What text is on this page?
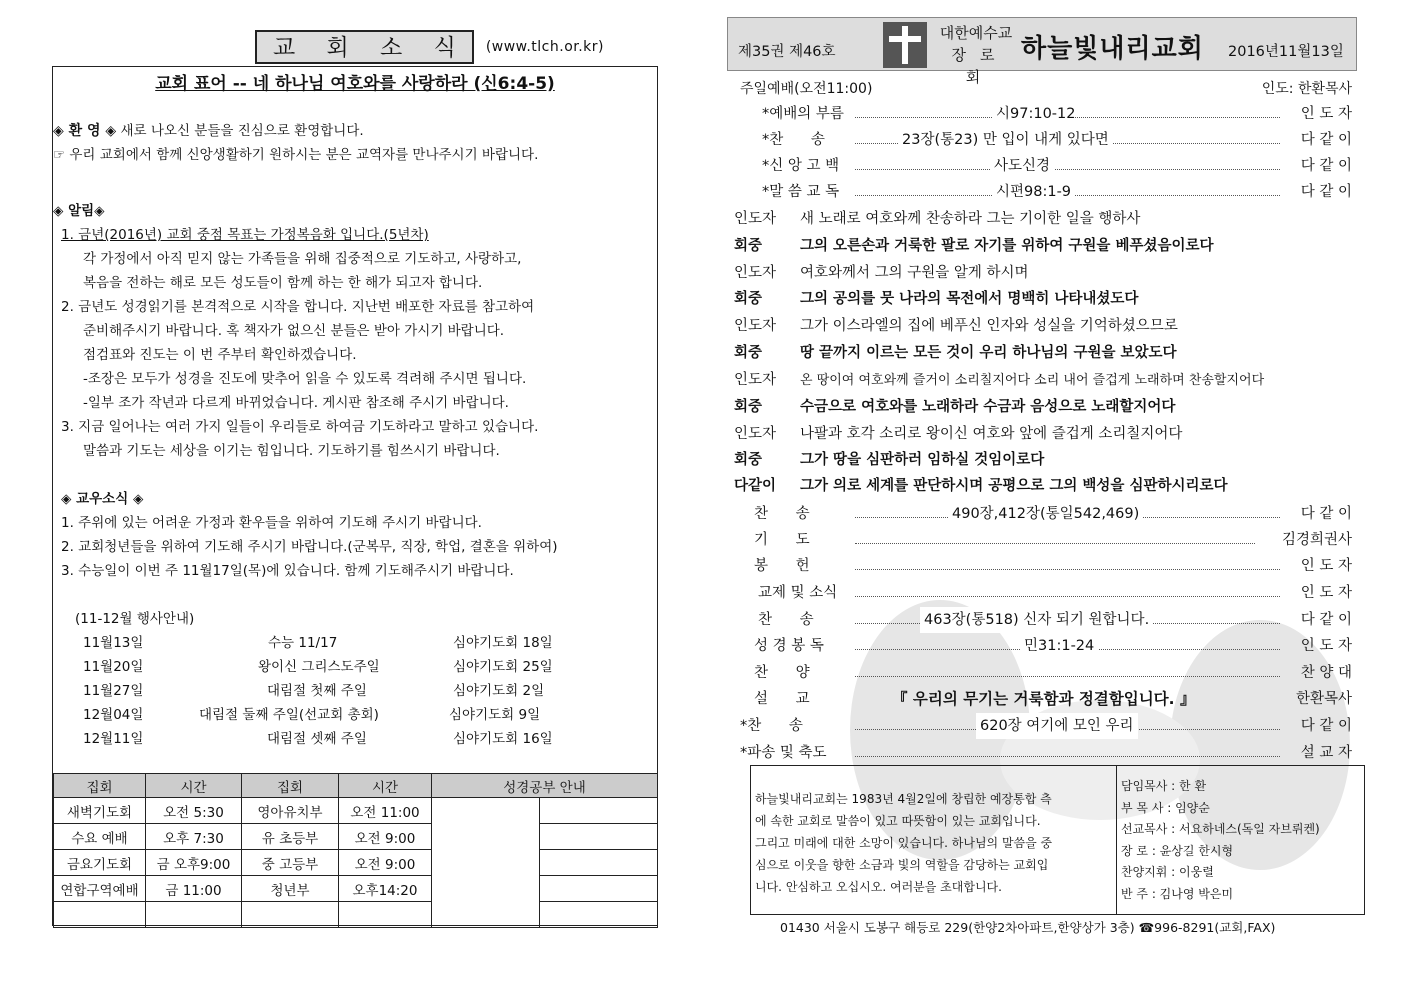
교 회 소 식	(www.tlch.or.kr)
교회 표어 -- 네 하나님 여호와를 사랑하라 (신6:4-5)
◈ 환 영 ◈ 새로 나오신 분들을 진심으로 환영합니다.
☞ 우리 교회에서 함께 신앙생활하기 원하시는 분은 교역자를 만나주시기 바랍니다.
◈ 알림◈
1. 금년(2016년) 교회 중점 목표는 가정복음화 입니다.(5년차)
각 가정에서 아직 믿지 않는 가족들을 위해 집중적으로 기도하고, 사랑하고,
복음을 전하는 해로 모든 성도들이 함께 하는 한 해가 되고자 합니다.
2. 금년도 성경읽기를 본격적으로 시작을 합니다. 지난번 배포한 자료를 참고하여
준비해주시기 바랍니다. 혹 책자가 없으신 분들은 받아 가시기 바랍니다.
점검표와 진도는 이 번 주부터 확인하겠습니다.
-조장은 모두가 성경을 진도에 맞추어 읽을 수 있도록 격려해 주시면 됩니다.
-일부 조가 작년과 다르게 바뀌었습니다. 게시판 참조해 주시기 바랍니다.
3. 지금 일어나는 여러 가지 일들이 우리들로 하여금 기도하라고 말하고 있습니다.
말씀과 기도는 세상을 이기는 힘입니다. 기도하기를 힘쓰시기 바랍니다.
◈ 교우소식 ◈
1. 주위에 있는 어려운 가정과 환우들을 위하여 기도해 주시기 바랍니다.
2. 교회청년들을 위하여 기도해 주시기 바랍니다.(군복무, 직장, 학업, 결혼을 위하여)
3. 수능일이 이번 주 11월17일(목)에 있습니다. 함께 기도해주시기 바랍니다.
(11-12월 행사안내)
11월13일	수능 11/17	심야기도회 18일
11월20일	왕이신 그리스도주일	심야기도회 25일
11월27일	대림절 첫째 주일	심야기도회 2일
12월04일	대림절 둘째 주일(선교회 총회)	심야기도회 9일
12월11일	대림절 셋째 주일	심야기도회 16일
집회	시간	집회	시간	성경공부 안내	
새벽기도회	오전 5:30	영아유치부	오전 11:00		
수요 예배	오후 7:30	유 초등부	오전 9:00		
금요기도회	금 오후9:00	중 고등부	오전 9:00		
연합구역예배	금 11:00	청년부	오후14:20		

제35권 제46호
대한예수교
장로회
하늘빛내리교회 2016년11월13일
주일예배(오전11:00)	인도: 한환목사
*예배의 부름	시97:10-12	인 도 자
*찬      송	23장(통23) 만 입이 내게 있다면	다 같 이
*신 앙 고 백	사도신경	다 같 이
*말 씀 교 독	시편98:1-9	다 같 이
인도자 새 노래로 여호와께 찬송하라 그는 기이한 일을 행하사
회중	그의 오른손과 거룩한 팔로 자기를 위하여 구원을 베푸셨음이로다
인도자 여호와께서 그의 구원을 알게 하시며
회중	그의 공의를 뭇 나라의 목전에서 명백히 나타내셨도다
인도자 그가 이스라엘의 집에 베푸신 인자와 성실을 기억하셨으므로
회중	땅 끝까지 이르는 모든 것이 우리 하나님의 구원을 보았도다
인도자 온 땅이여 여호와께 즐거이 소리칠지어다 소리 내어 즐겁게 노래하며 찬송할지어다
회중	수금으로 여호와를 노래하라 수금과 음성으로 노래할지어다
인도자 나팔과 호각 소리로 왕이신 여호와 앞에 즐겁게 소리칠지어다
회중	그가 땅을 심판하러 임하실 것임이로다
다같이 그가 의로 세계를 판단하시며 공평으로 그의 백성을 심판하시리로다
찬      송	490장,412장(통일542,469)	다 같 이
기      도	김경희권사
봉      헌	인 도 자
교제 및 소식	인 도 자
찬      송	463장(통518) 신자 되기 원합니다.	다 같 이
성 경 봉 독	민31:1-24	인 도 자
찬      양	찬 양 대
설      교	『 우리의 무기는 거룩함과 정결함입니다. 』	한환목사
*찬      송	620장 여기에 모인 우리	다 같 이
*파송 및 축도	설 교 자
하늘빛내리교회는 1983년 4월2일에 창립한 예장통합 측
에 속한 교회로 말씀이 있고 따뜻함이 있는 교회입니다.
그리고 미래에 대한 소망이 있습니다. 하나님의 말씀을 중
심으로 이웃을 향한 소금과 빛의 역할을 감당하는 교회입
니다. 안심하고 오십시오. 여러분을 초대합니다.
담임목사 : 한 환
부 목 사 : 임양순
선교목사 : 서요하네스(독일 자브뤼켄)
장 로 : 윤상길 한시형
찬양지휘 : 이웅렬
반 주 : 김나영 박은미
01430 서울시 도봉구 해등로 229(한양2차아파트,한양상가 3층) ☎996-8291(교회,FAX)
